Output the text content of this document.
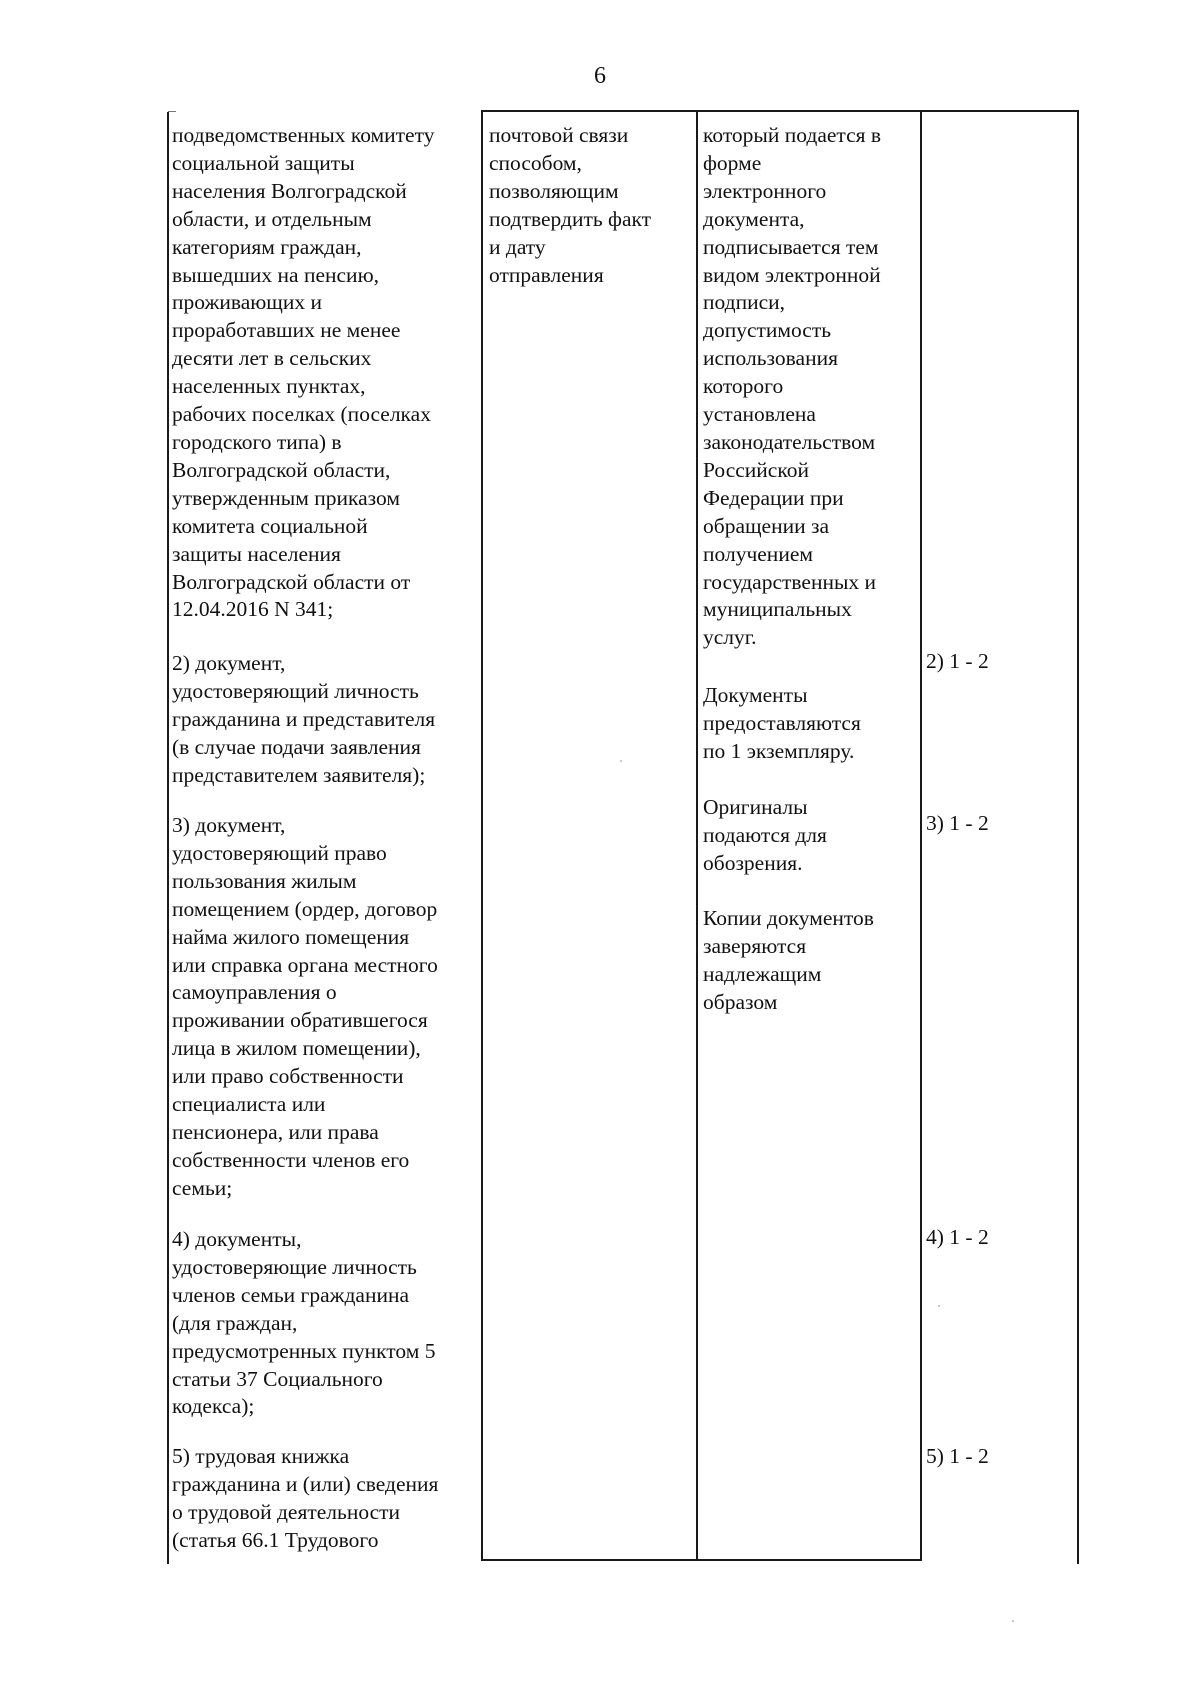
6

подведомственных комитету
социальной защиты
населения Волгоградской
области, и отдельным
категориям граждан,
вышедших на пенсию,
проживающих и
проработавших не менее
десяти лет в сельских
населенных пунктах,
рабочих поселках (поселках
городского типа) в
Волгоградской области,
утвержденным приказом
комитета социальной
защиты населения
Волгоградской области от
12.04.2016 N 341;

2) документ,
удостоверяющий личность
гражданина и представителя
(в случае подачи заявления
представителем заявителя);

3) документ,
удостоверяющий право
пользования жилым
помещением (ордер, договор
найма жилого помещения
или справка органа местного
самоуправления о
проживании обратившегося
лица в жилом помещении),
или право собственности
специалиста или
пенсионера, или права
собственности членов его
семьи;

4) документы,
удостоверяющие личность
членов семьи гражданина
(для граждан,
предусмотренных пунктом 5
статьи 37 Социального
кодекса);

5) трудовая книжка
гражданина и (или) сведения
о трудовой деятельности
(статья 66.1 Трудового

почтовой связи
способом,
позволяющим
подтвердить факт
и дату
отправления

который подается в
форме
электронного
документа,
подписывается тем
видом электронной
подписи,
допустимость
использования
которого
установлена
законодательством
Российской
Федерации при
обращении за
получением
государственных и
муниципальных
услуг.

Документы
предоставляются
по 1 экземпляру.

Оригиналы
подаются для
обозрения.

Копии документов
заверяются
надлежащим
образом

2) 1 - 2

3) 1 - 2

4) 1 - 2

5) 1 - 2
